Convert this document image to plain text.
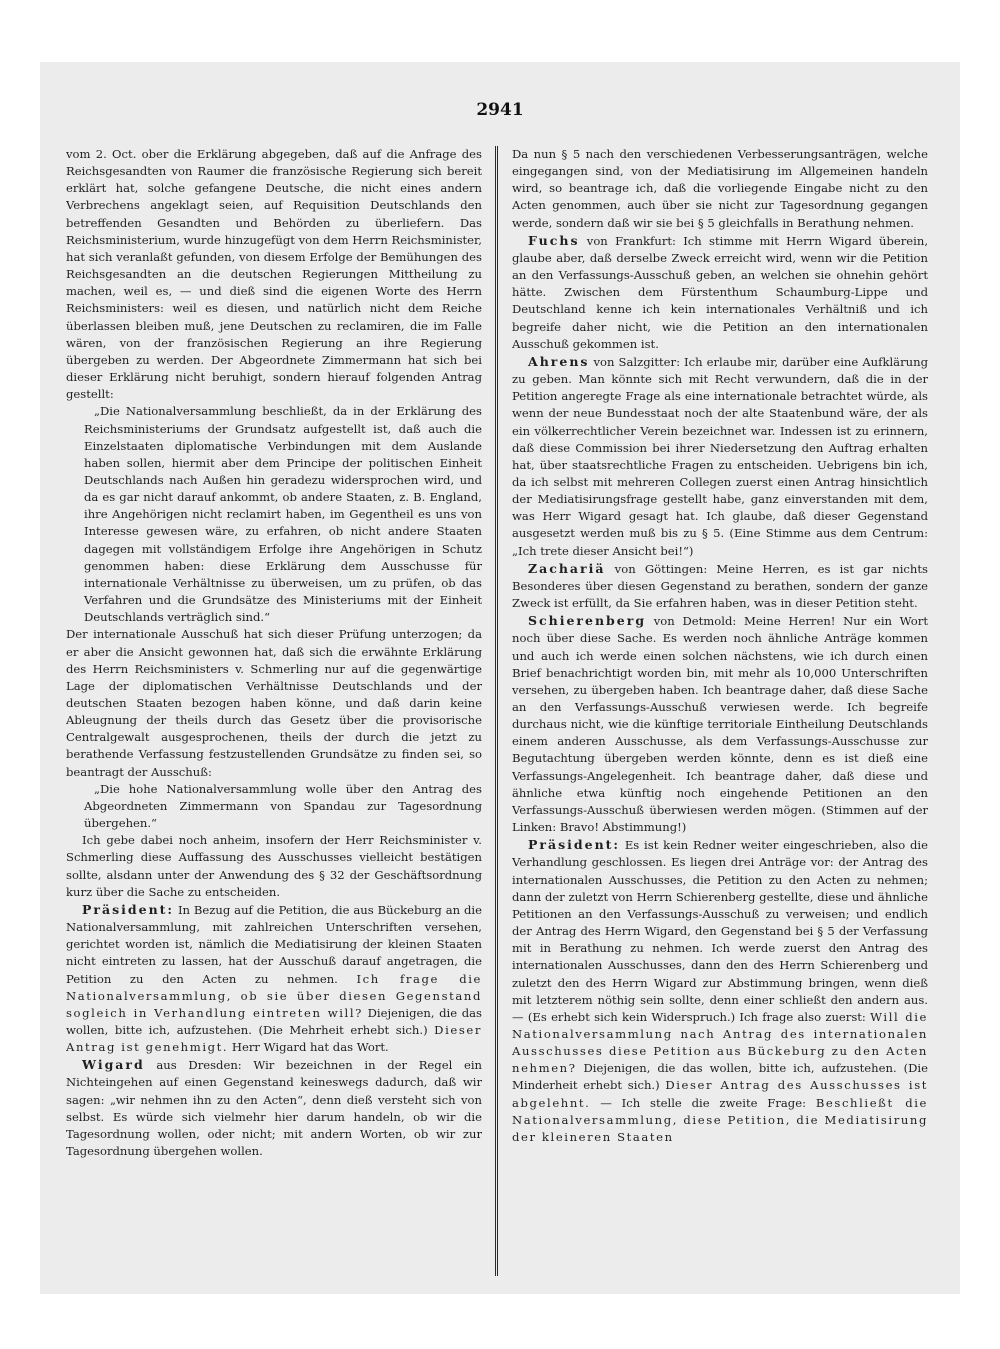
2941

vom 2. Oct. ober die Erklärung abgegeben, daß auf die Anfrage des Reichsgesandten von Raumer die französische Regierung sich bereit erklärt hat, solche gefangene Deutsche, die nicht eines andern Verbrechens angeklagt seien, auf Requisition Deutschlands den betreffenden Gesandten und Behörden zu überliefern. Das Reichsministerium, wurde hinzugefügt von dem Herrn Reichsminister, hat sich veranlaßt gefunden, von diesem Erfolge der Bemühungen des Reichsgesandten an die deutschen Regierungen Mittheilung zu machen, weil es, — und dieß sind die eigenen Worte des Herrn Reichsministers: weil es diesen, und natürlich nicht dem Reiche überlassen bleiben muß, jene Deutschen zu reclamiren, die im Falle wären, von der französischen Regierung an ihre Regierung übergeben zu werden. Der Abgeordnete Zimmermann hat sich bei dieser Erklärung nicht beruhigt, sondern hierauf folgenden Antrag gestellt:

„Die Nationalversammlung beschließt, da in der Erklärung des Reichsministeriums der Grundsatz aufgestellt ist, daß auch die Einzelstaaten diplomatische Verbindungen mit dem Auslande haben sollen, hiermit aber dem Principe der politischen Einheit Deutschlands nach Außen hin geradezu widersprochen wird, und da es gar nicht darauf ankommt, ob andere Staaten, z. B. England, ihre Angehörigen nicht reclamirt haben, im Gegentheil es uns von Interesse gewesen wäre, zu erfahren, ob nicht andere Staaten dagegen mit vollständigem Erfolge ihre Angehörigen in Schutz genommen haben: diese Erklärung dem Ausschusse für internationale Verhältnisse zu überweisen, um zu prüfen, ob das Verfahren und die Grundsätze des Ministeriums mit der Einheit Deutschlands verträglich sind.“

Der internationale Ausschuß hat sich dieser Prüfung unterzogen; da er aber die Ansicht gewonnen hat, daß sich die erwähnte Erklärung des Herrn Reichsministers v. Schmerling nur auf die gegenwärtige Lage der diplomatischen Verhältnisse Deutschlands und der deutschen Staaten bezogen haben könne, und daß darin keine Ableugnung der theils durch das Gesetz über die provisorische Centralgewalt ausgesprochenen, theils der durch die jetzt zu berathende Verfassung festzustellenden Grundsätze zu finden sei, so beantragt der Ausschuß:

„Die hohe Nationalversammlung wolle über den Antrag des Abgeordneten Zimmermann von Spandau zur Tagesordnung übergehen.“

Ich gebe dabei noch anheim, insofern der Herr Reichsminister v. Schmerling diese Auffassung des Ausschusses vielleicht bestätigen sollte, alsdann unter der Anwendung des § 32 der Geschäftsordnung kurz über die Sache zu entscheiden.

Präsident: In Bezug auf die Petition, die aus Bückeburg an die Nationalversammlung, mit zahlreichen Unterschriften versehen, gerichtet worden ist, nämlich die Mediatisirung der kleinen Staaten nicht eintreten zu lassen, hat der Ausschuß darauf angetragen, die Petition zu den Acten zu nehmen. Ich frage die Nationalversammlung, ob sie über diesen Gegenstand sogleich in Verhandlung eintreten will? Diejenigen, die das wollen, bitte ich, aufzustehen. (Die Mehrheit erhebt sich.) Dieser Antrag ist genehmigt. Herr Wigard hat das Wort.

Wigard aus Dresden: Wir bezeichnen in der Regel ein Nichteingehen auf einen Gegenstand keineswegs dadurch, daß wir sagen: „wir nehmen ihn zu den Acten“, denn dieß versteht sich von selbst. Es würde sich vielmehr hier darum handeln, ob wir die Tagesordnung wollen, oder nicht; mit andern Worten, ob wir zur Tagesordnung übergehen wollen.

Da nun § 5 nach den verschiedenen Verbesserungsanträgen, welche eingegangen sind, von der Mediatisirung im Allgemeinen handeln wird, so beantrage ich, daß die vorliegende Eingabe nicht zu den Acten genommen, auch über sie nicht zur Tagesordnung gegangen werde, sondern daß wir sie bei § 5 gleichfalls in Berathung nehmen.

Fuchs von Frankfurt: Ich stimme mit Herrn Wigard überein, glaube aber, daß derselbe Zweck erreicht wird, wenn wir die Petition an den Verfassungs-Ausschuß geben, an welchen sie ohnehin gehört hätte. Zwischen dem Fürstenthum Schaumburg-Lippe und Deutschland kenne ich kein internationales Verhältniß und ich begreife daher nicht, wie die Petition an den internationalen Ausschuß gekommen ist.

Ahrens von Salzgitter: Ich erlaube mir, darüber eine Aufklärung zu geben. Man könnte sich mit Recht verwundern, daß die in der Petition angeregte Frage als eine internationale betrachtet würde, als wenn der neue Bundesstaat noch der alte Staatenbund wäre, der als ein völkerrechtlicher Verein bezeichnet war. Indessen ist zu erinnern, daß diese Commission bei ihrer Niedersetzung den Auftrag erhalten hat, über staatsrechtliche Fragen zu entscheiden. Uebrigens bin ich, da ich selbst mit mehreren Collegen zuerst einen Antrag hinsichtlich der Mediatisirungsfrage gestellt habe, ganz einverstanden mit dem, was Herr Wigard gesagt hat. Ich glaube, daß dieser Gegenstand ausgesetzt werden muß bis zu § 5. (Eine Stimme aus dem Centrum: „Ich trete dieser Ansicht bei!“)

Zachariä von Göttingen: Meine Herren, es ist gar nichts Besonderes über diesen Gegenstand zu berathen, sondern der ganze Zweck ist erfüllt, da Sie erfahren haben, was in dieser Petition steht.

Schierenberg von Detmold: Meine Herren! Nur ein Wort noch über diese Sache. Es werden noch ähnliche Anträge kommen und auch ich werde einen solchen nächstens, wie ich durch einen Brief benachrichtigt worden bin, mit mehr als 10,000 Unterschriften versehen, zu übergeben haben. Ich beantrage daher, daß diese Sache an den Verfassungs-Ausschuß verwiesen werde. Ich begreife durchaus nicht, wie die künftige territoriale Eintheilung Deutschlands einem anderen Ausschusse, als dem Verfassungs-Ausschusse zur Begutachtung übergeben werden könnte, denn es ist dieß eine Verfassungs-Angelegenheit. Ich beantrage daher, daß diese und ähnliche etwa künftig noch eingehende Petitionen an den Verfassungs-Ausschuß überwiesen werden mögen. (Stimmen auf der Linken: Bravo! Abstimmung!)

Präsident: Es ist kein Redner weiter eingeschrieben, also die Verhandlung geschlossen. Es liegen drei Anträge vor: der Antrag des internationalen Ausschusses, die Petition zu den Acten zu nehmen; dann der zuletzt von Herrn Schierenberg gestellte, diese und ähnliche Petitionen an den Verfassungs-Ausschuß zu verweisen; und endlich der Antrag des Herrn Wigard, den Gegenstand bei § 5 der Verfassung mit in Berathung zu nehmen. Ich werde zuerst den Antrag des internationalen Ausschusses, dann den des Herrn Schierenberg und zuletzt den des Herrn Wigard zur Abstimmung bringen, wenn dieß mit letzterem nöthig sein sollte, denn einer schließt den andern aus. — (Es erhebt sich kein Widerspruch.) Ich frage also zuerst: Will die Nationalversammlung nach Antrag des internationalen Ausschusses diese Petition aus Bückeburg zu den Acten nehmen? Diejenigen, die das wollen, bitte ich, aufzustehen. (Die Minderheit erhebt sich.) Dieser Antrag des Ausschusses ist abgelehnt. — Ich stelle die zweite Frage: Beschließt die Nationalversammlung, diese Petition, die Mediatisirung der kleineren Staaten
